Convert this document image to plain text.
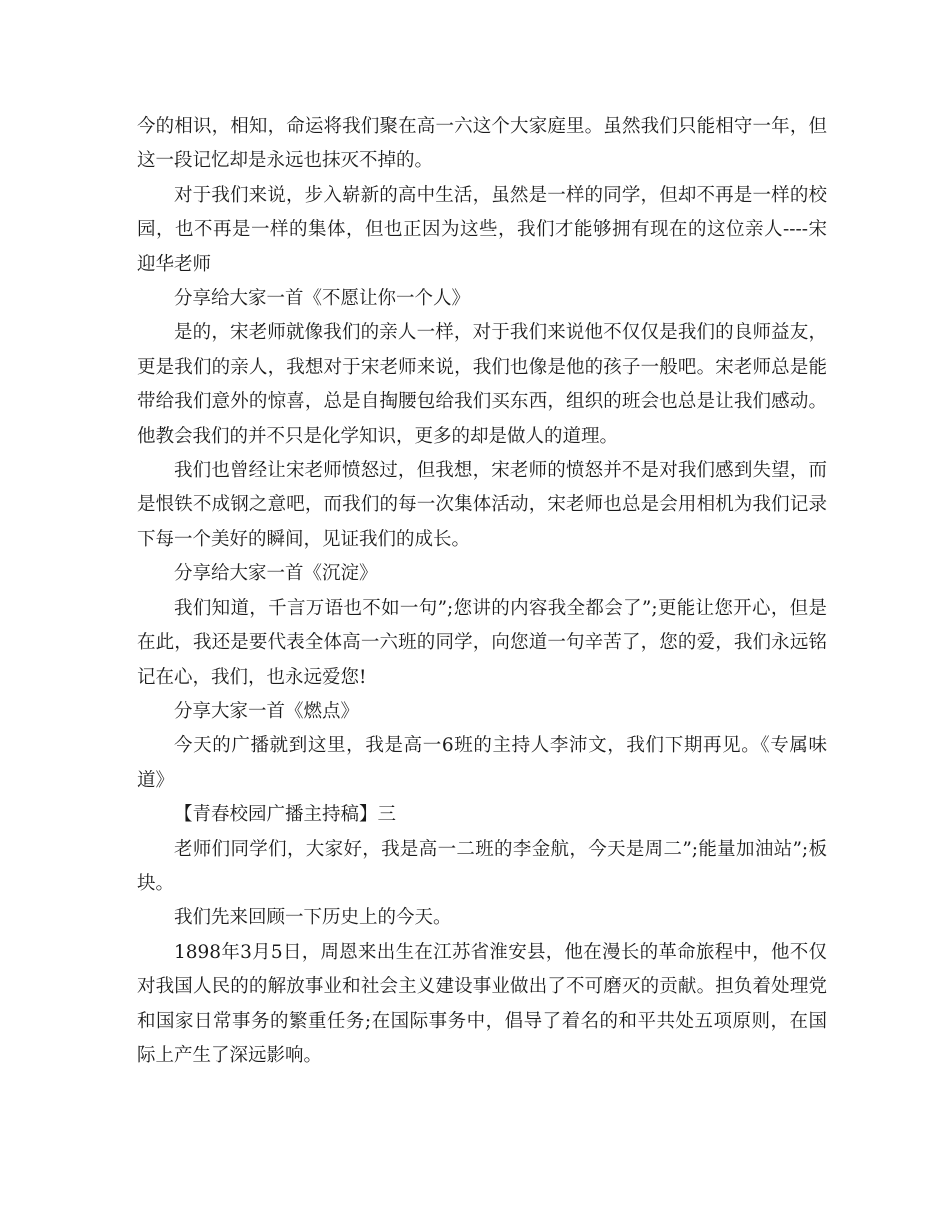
今的相识，相知，命运将我们聚在高一六这个大家庭里。虽然我们只能相守一年，但这一段记忆却是永远也抹灭不掉的。

对于我们来说，步入崭新的高中生活，虽然是一样的同学，但却不再是一样的校园，也不再是一样的集体，但也正因为这些，我们才能够拥有现在的这位亲人----宋迎华老师

分享给大家一首《不愿让你一个人》

是的，宋老师就像我们的亲人一样，对于我们来说他不仅仅是我们的良师益友，更是我们的亲人，我想对于宋老师来说，我们也像是他的孩子一般吧。宋老师总是能带给我们意外的惊喜，总是自掏腰包给我们买东西，组织的班会也总是让我们感动。他教会我们的并不只是化学知识，更多的却是做人的道理。

我们也曾经让宋老师愤怒过，但我想，宋老师的愤怒并不是对我们感到失望，而是恨铁不成钢之意吧，而我们的每一次集体活动，宋老师也总是会用相机为我们记录下每一个美好的瞬间，见证我们的成长。

分享给大家一首《沉淀》

我们知道，千言万语也不如一句”;您讲的内容我全都会了”;更能让您开心，但是在此，我还是要代表全体高一六班的同学，向您道一句辛苦了，您的爱，我们永远铭记在心，我们，也永远爱您!

分享大家一首《燃点》

今天的广播就到这里，我是高一6班的主持人李沛文，我们下期再见。《专属味道》

【青春校园广播主持稿】三

老师们同学们，大家好，我是高一二班的李金航，今天是周二”;能量加油站”;板块。

我们先来回顾一下历史上的今天。

1898年3月5日，周恩来出生在江苏省淮安县，他在漫长的革命旅程中，他不仅对我国人民的的解放事业和社会主义建设事业做出了不可磨灭的贡献。担负着处理党和国家日常事务的繁重任务;在国际事务中，倡导了着名的和平共处五项原则，在国际上产生了深远影响。
